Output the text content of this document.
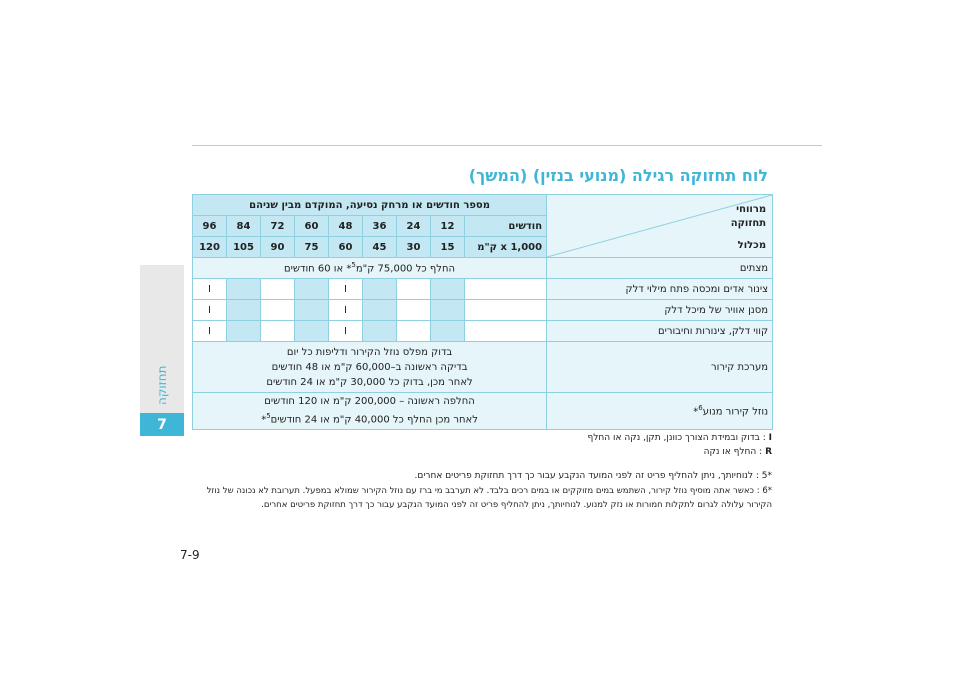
תחזוקה
7
7-9
לוח תחזוקה רגילה (מנועי בנזין) (המשך)
מספר חודשים או מרחק נסיעה, המוקדם מבין שניהם									מרווחי
תחזוקה
מכלול

96	84	72	60	48	36	24	12	חודשים	
120	105	90	75	60	45	30	15	1,000 x ק"מ	
החלף כל 75,000 ק"מ$^5$* או 60 חודשים									מצתים
I				I					צינור אדים ומכסה פתח מילוי דלק
I				I					מסנן אוויר של מיכל דלק
I				I					קווי דלק, צינורות וחיבורים

בדוק מפלס נוזל הקירור ודליפות כל יום
בדיקה ראשונה ב–60,000 ק"מ או 48 חודשים
לאחר מכן, בדוק כל 30,000 ק"מ או 24 חודשים									מערכת קירור

החלפה ראשונה – 200,000 ק"מ או 120 חודשים
לאחר מכן החלף כל 40,000 ק"מ או 24 חודשים$^5$*									נוזל קירור מנוע$^6$*
I : בדוק ובמידת הצורך כוונן, תקן, נקה או החלף
R : החלף או נקה
*5 : לנוחיותך, ניתן להחליף פריט זה לפני המועד הנקבע עבור כך דרך תחזוקת פריטים אחרים.
*6 : כאשר אתה מוסיף נוזל קירור, השתמש במים מזוקקים או במים רכים בלבד. לא תערבב מי ברז עם נוזל הקירור שמולא במפעל. תערובת לא נכונה של נוזל הקירור עלולה לגרום לתקלות חמורות או נזק למנוע. לנוחיותך, ניתן להחליף פריט זה לפני המועד הנקבע עבור כך דרך תחזוקת פריטים אחרים.
